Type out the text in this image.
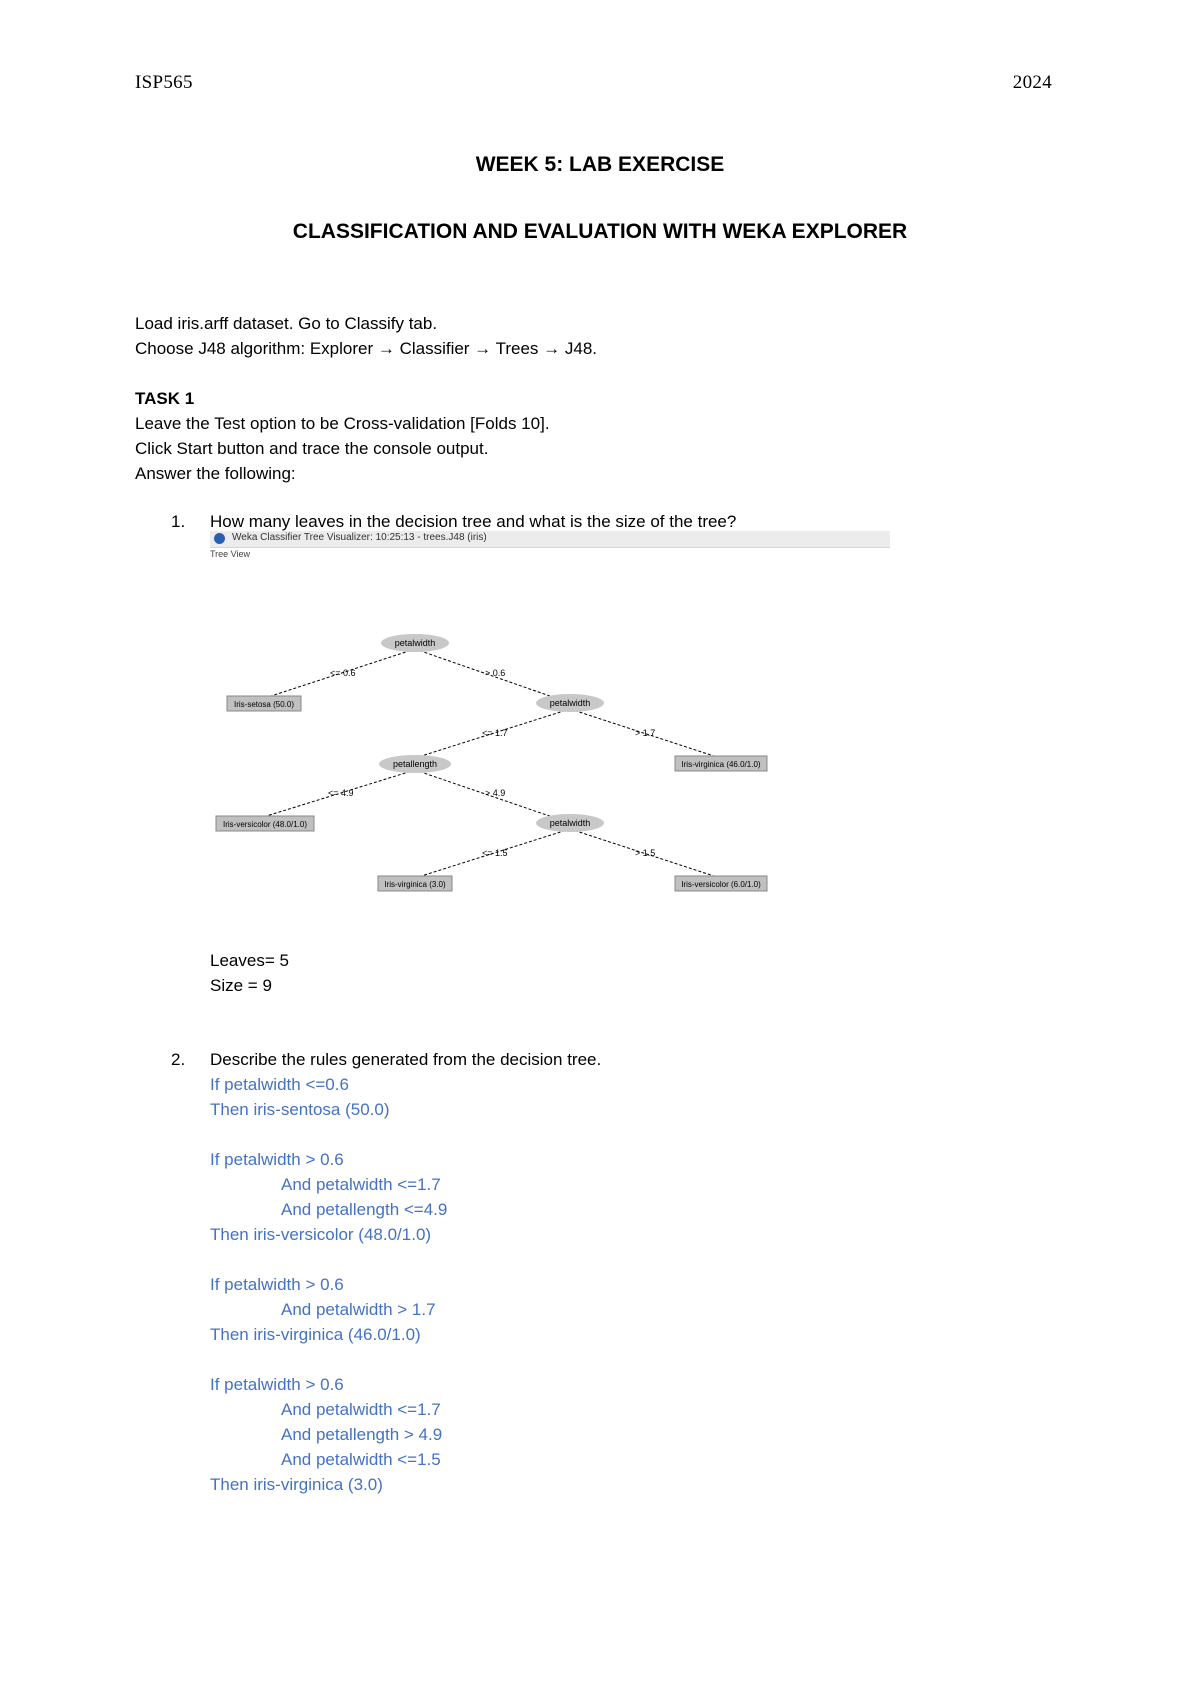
ISP565	2024
WEEK 5: LAB EXERCISE
CLASSIFICATION AND EVALUATION WITH WEKA EXPLORER
Load iris.arff dataset. Go to Classify tab.
Choose J48 algorithm: Explorer → Classifier → Trees → J48.
TASK 1
Leave the Test option to be Cross-validation [Folds 10].
Click Start button and trace the console output.
Answer the following:
1. How many leaves in the decision tree and what is the size of the tree?
Weka Classifier Tree Visualizer: 10:25:13 - trees.J48 (iris)
Tree View
<= 0.6	> 0.6
<= 1.7	> 1.7
<= 4.9	> 4.9
<= 1.5	> 1.5
petalwidth
petalwidth
petallength
petalwidth
Iris-setosa (50.0)
Iris-virginica (46.0/1.0)
Iris-versicolor (48.0/1.0)
Iris-virginica (3.0)	Iris-versicolor (6.0/1.0)
Leaves= 5
Size = 9
2. Describe the rules generated from the decision tree.
If petalwidth <=0.6
Then iris-sentosa (50.0)
If petalwidth > 0.6
And petalwidth <=1.7
And petallength <=4.9
Then iris-versicolor (48.0/1.0)
If petalwidth > 0.6
And petalwidth > 1.7
Then iris-virginica (46.0/1.0)
If petalwidth > 0.6
And petalwidth <=1.7
And petallength > 4.9
And petalwidth <=1.5
Then iris-virginica (3.0)
